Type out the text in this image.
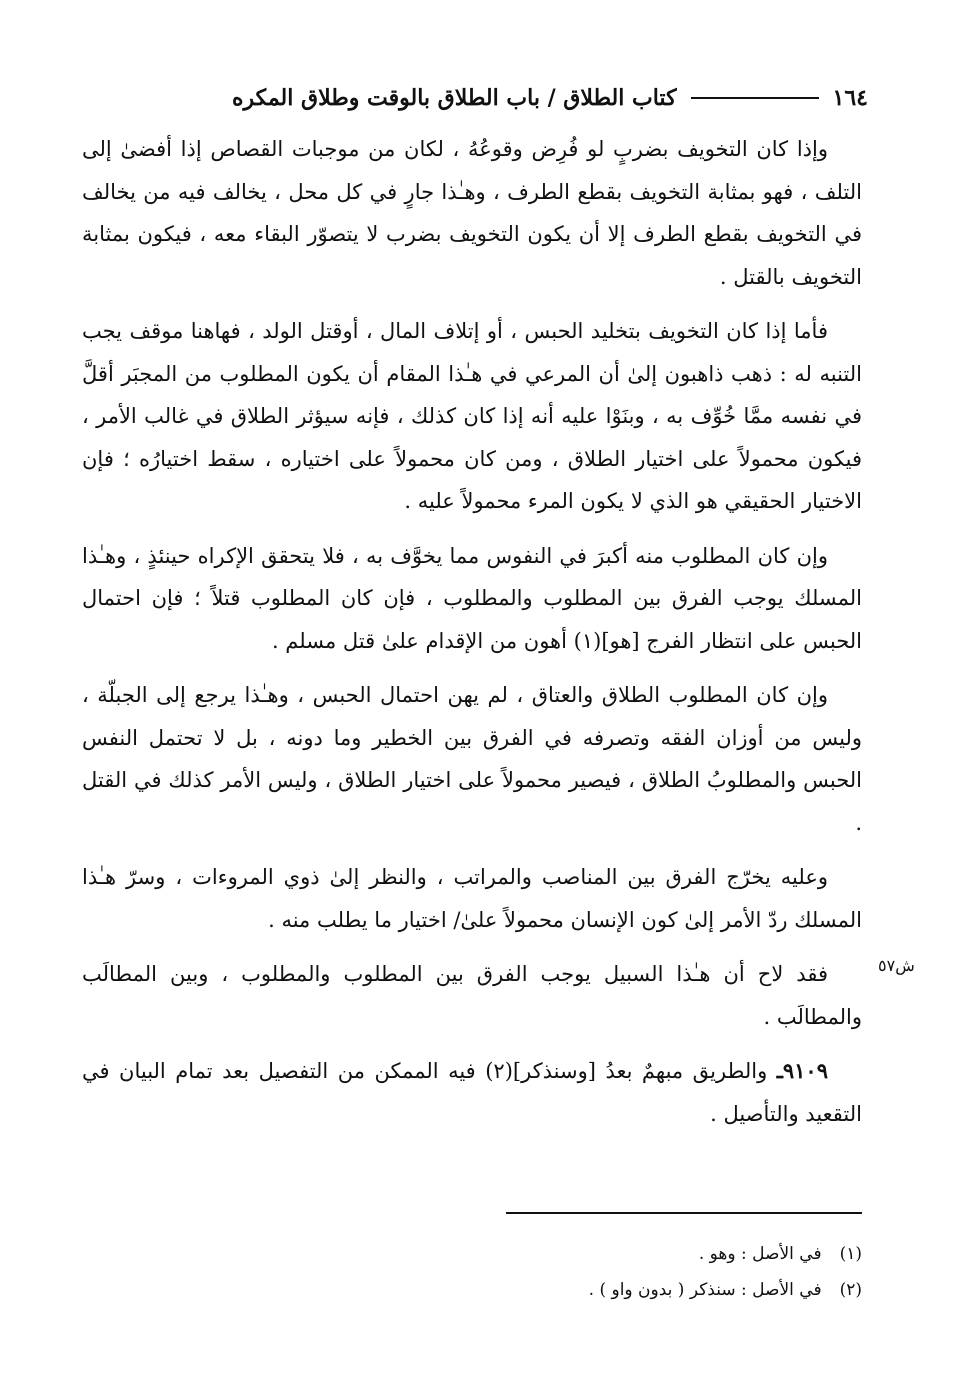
١٦٤
كتاب الطلاق / باب الطلاق بالوقت وطلاق المكره

وإذا كان التخويف بضربٍ لو فُرِض وقوعُهُ ، لكان من موجبات القصاص إذا أفضىٰ إلى التلف ، فهو بمثابة التخويف بقطع الطرف ، وهـٰذا جارٍ في كل محل ، يخالف فيه من يخالف في التخويف بقطع الطرف إلا أن يكون التخويف بضرب لا يتصوّر البقاء معه ، فيكون بمثابة التخويف بالقتل .

فأما إذا كان التخويف بتخليد الحبس ، أو إتلاف المال ، أوقتل الولد ، فهاهنا موقف يجب التنبه له : ذهب ذاهبون إلىٰ أن المرعي في هـٰذا المقام أن يكون المطلوب من المجبَر أقلَّ في نفسه ممَّا خُوِّف به ، وبنَوْا عليه أنه إذا كان كذلك ، فإنه سيؤثر الطلاق في غالب الأمر ، فيكون محمولاً على اختيار الطلاق ، ومن كان محمولاً على اختياره ، سقط اختيارُه ؛ فإن الاختيار الحقيقي هو الذي لا يكون المرء محمولاً عليه .

وإن كان المطلوب منه أكبرَ في النفوس مما يخوَّف به ، فلا يتحقق الإكراه حينئذٍ ، وهـٰذا المسلك يوجب الفرق بين المطلوب والمطلوب ، فإن كان المطلوب قتلاً ؛ فإن احتمال الحبس على انتظار الفرج [هو](١) أهون من الإقدام علىٰ قتل مسلم .

وإن كان المطلوب الطلاق والعتاق ، لم يهن احتمال الحبس ، وهـٰذا يرجع إلى الجبلّة ، وليس من أوزان الفقه وتصرفه في الفرق بين الخطير وما دونه ، بل لا تحتمل النفس الحبس والمطلوبُ الطلاق ، فيصير محمولاً على اختيار الطلاق ، وليس الأمر كذلك في القتل .

وعليه يخرّج الفرق بين المناصب والمراتب ، والنظر إلىٰ ذوي المروءات ، وسرّ هـٰذا المسلك ردّ الأمر إلىٰ كون الإنسان محمولاً علىٰ/ اختيار ما يطلب منه .

فقد لاح أن هـٰذا السبيل يوجب الفرق بين المطلوب والمطلوب ، وبين المطالَب والمطالَب .

٩١٠٩ـ والطريق مبهمٌ بعدُ [وسنذكر](٢) فيه الممكن من التفصيل بعد تمام البيان في التقعيد والتأصيل .

ش٥٧
(١)
في الأصل : وهو .
(٢)
في الأصل : سنذكر ( بدون واو ) .
